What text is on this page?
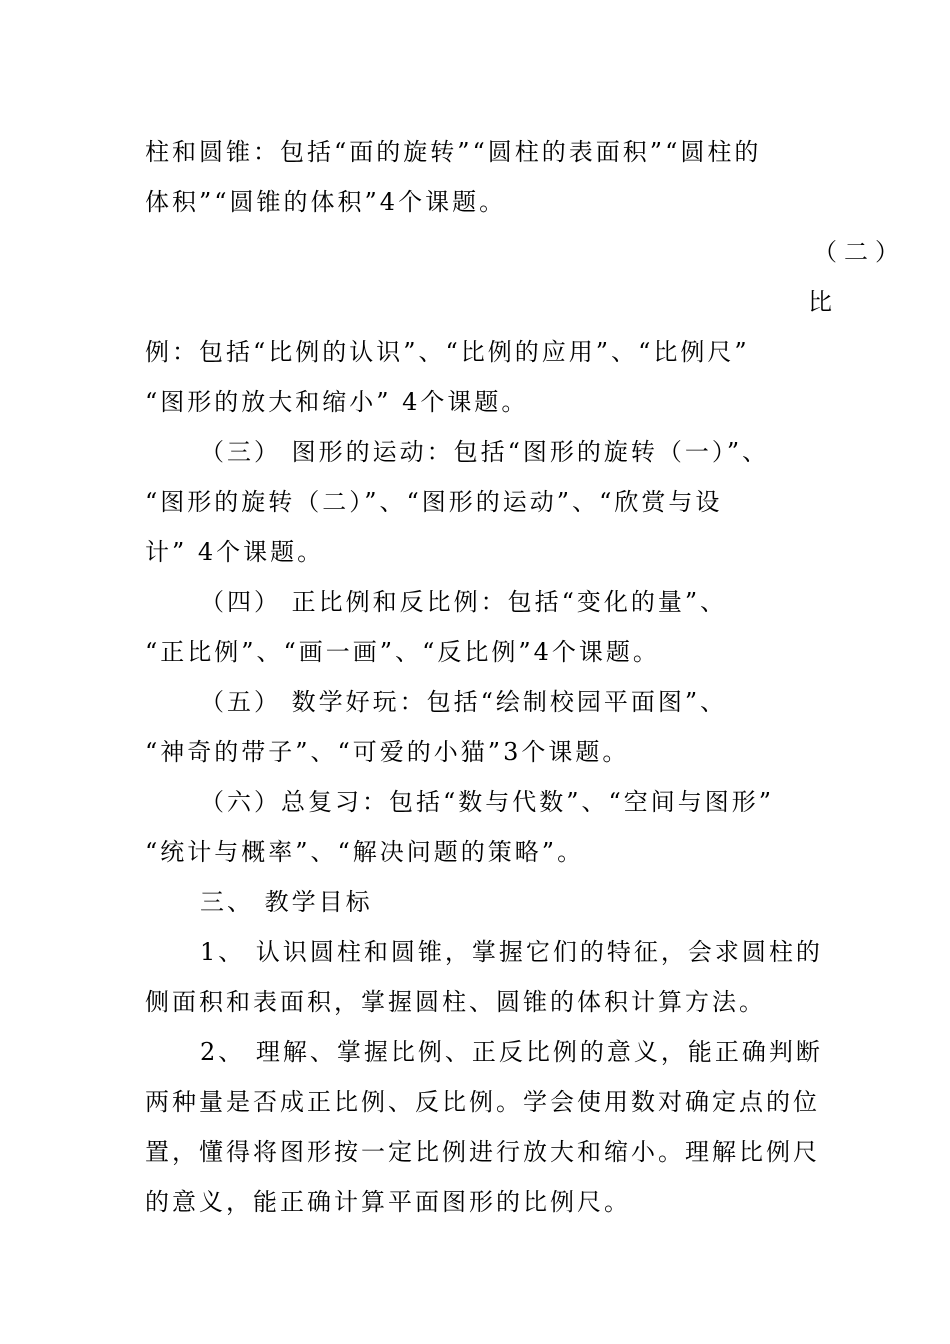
柱和圆锥：包括“面的旋转”“圆柱的表面积”“圆柱的
体积”“圆锥的体积”4个课题。
（二）
比
例：包括“比例的认识”、“比例的应用”、“比例尺”
“图形的放大和缩小” 4个课题。
（三） 图形的运动：包括“图形的旋转（一）”、
“图形的旋转（二）”、“图形的运动”、“欣赏与设
计” 4个课题。
（四） 正比例和反比例：包括“变化的量”、
“正比例”、“画一画”、“反比例”4个课题。
（五） 数学好玩：包括“绘制校园平面图”、
“神奇的带子”、“可爱的小猫”3个课题。
（六）总复习：包括“数与代数”、“空间与图形”
“统计与概率”、“解决问题的策略”。
三、 教学目标
1、 认识圆柱和圆锥，掌握它们的特征，会求圆柱的
侧面积和表面积，掌握圆柱、圆锥的体积计算方法。
2、 理解、掌握比例、正反比例的意义，能正确判断
两种量是否成正比例、反比例。学会使用数对确定点的位
置，懂得将图形按一定比例进行放大和缩小。理解比例尺
的意义，能正确计算平面图形的比例尺。
